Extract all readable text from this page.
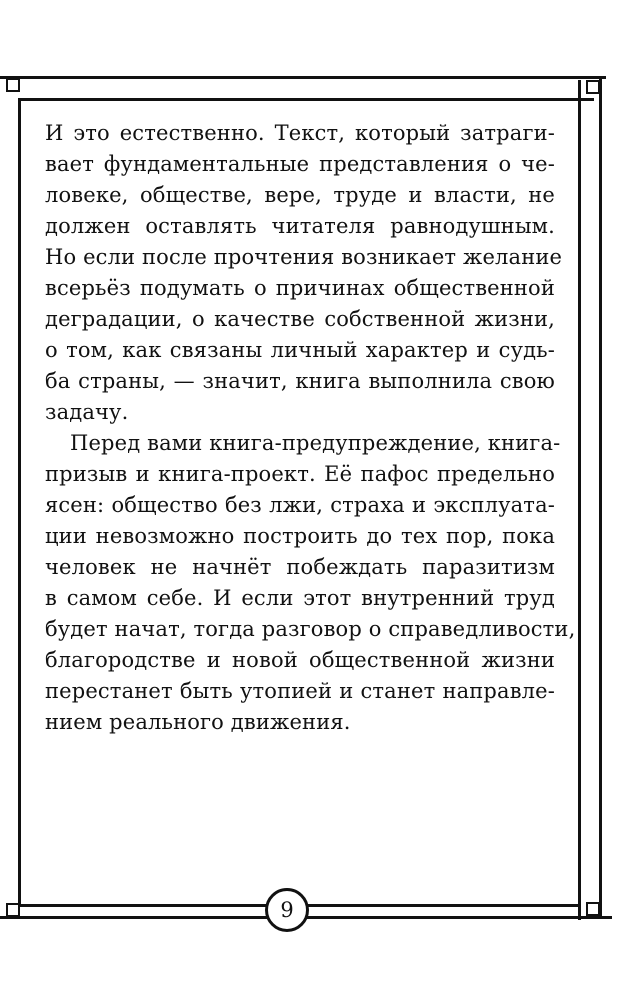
9
И это естественно. Текст, который затраги-
вает фундаментальные представления о че-
ловеке, обществе, вере, труде и власти, не
должен оставлять читателя равнодушным.
Но если после прочтения возникает желание
всерьёз подумать о причинах общественной
деградации, о качестве собственной жизни,
о том, как связаны личный характер и судь-
ба страны, — значит, книга выполнила свою
задачу.
Перед вами книга-предупреждение, книга-
призыв и книга-проект. Её пафос предельно
ясен: общество без лжи, страха и эксплуата-
ции невозможно построить до тех пор, пока
человек не начнёт побеждать паразитизм
в самом себе. И если этот внутренний труд
будет начат, тогда разговор о справедливости,
благородстве и новой общественной жизни
перестанет быть утопией и станет направле-
нием реального движения.
